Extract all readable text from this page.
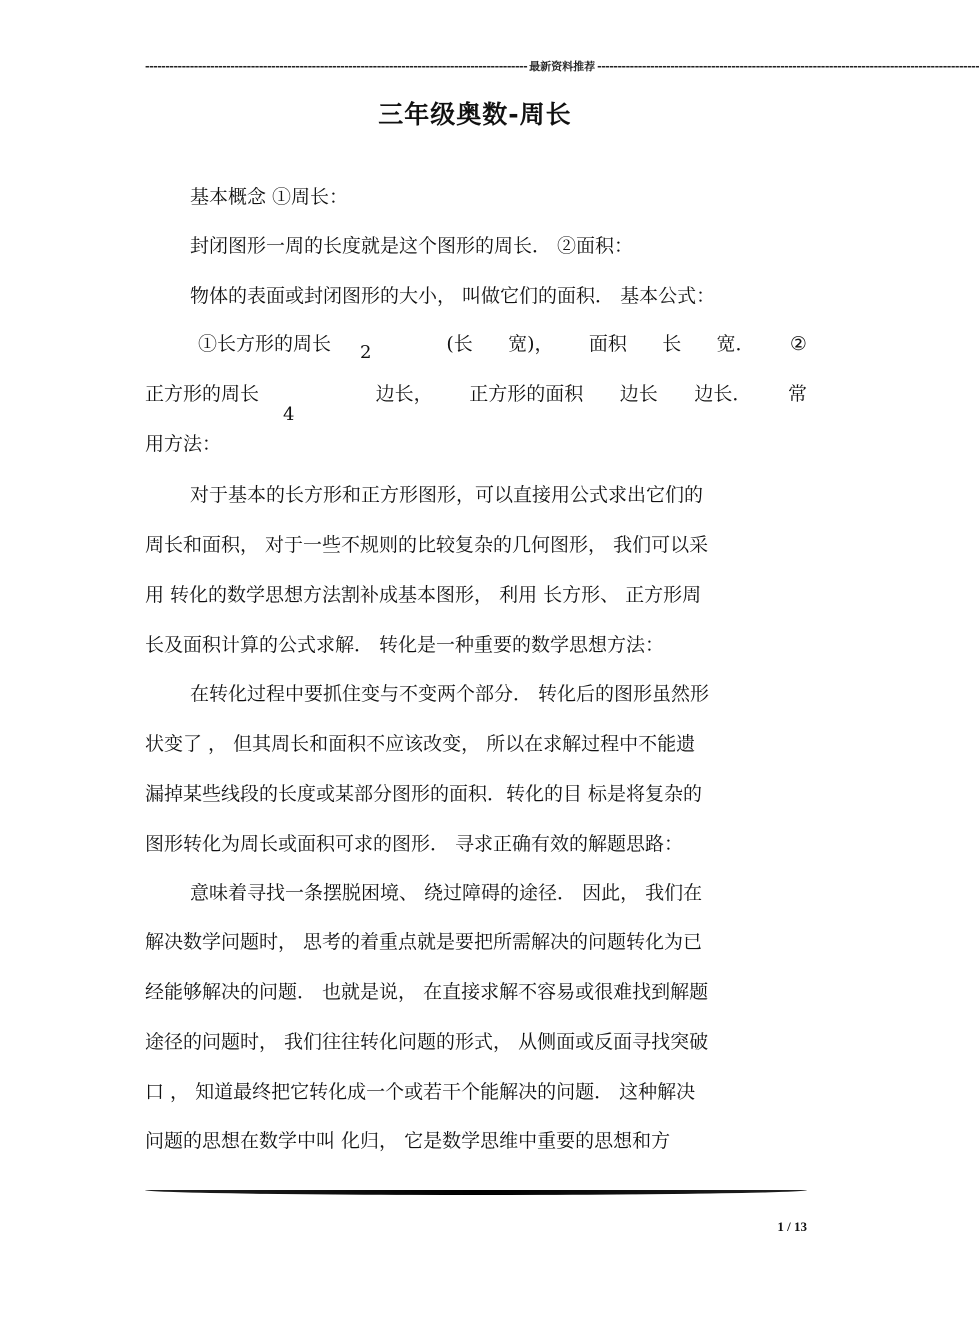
---------------------------------------------------------------------------------------------- 最新资料推荐 ----------------------------------------------------------------------------------------------
三年级奥数-周长
基本概念 ①周长：
封闭图形一周的长度就是这个图形的周长． ②面积：
物体的表面或封闭图形的大小， 叫做它们的面积． 基本公式：
①长方形的周长	(长 宽)， 面积 长 宽． ②
2
正方形的周长	边长， 正方形的面积 边长 边长． 常
4
用方法：
对于基本的长方形和正方形图形，可以直接用公式求出它们的
周长和面积， 对于一些不规则的比较复杂的几何图形， 我们可以采
用 转化的数学思想方法割补成基本图形， 利用 长方形、 正方形周
长及面积计算的公式求解． 转化是一种重要的数学思想方法：
在转化过程中要抓住变与不变两个部分． 转化后的图形虽然形
状变了 ， 但其周长和面积不应该改变， 所以在求解过程中不能遗
漏掉某些线段的长度或某部分图形的面积．转化的目 标是将复杂的
图形转化为周长或面积可求的图形． 寻求正确有效的解题思路：
意味着寻找一条摆脱困境、 绕过障碍的途径． 因此， 我们在
解决数学问题时， 思考的着重点就是要把所需解决的问题转化为已
经能够解决的问题． 也就是说， 在直接求解不容易或很难找到解题
途径的问题时， 我们往往转化问题的形式， 从侧面或反面寻找突破
口 ， 知道最终把它转化成一个或若干个能解决的问题． 这种解决
问题的思想在数学中叫 化归， 它是数学思维中重要的思想和方
1 / 13
